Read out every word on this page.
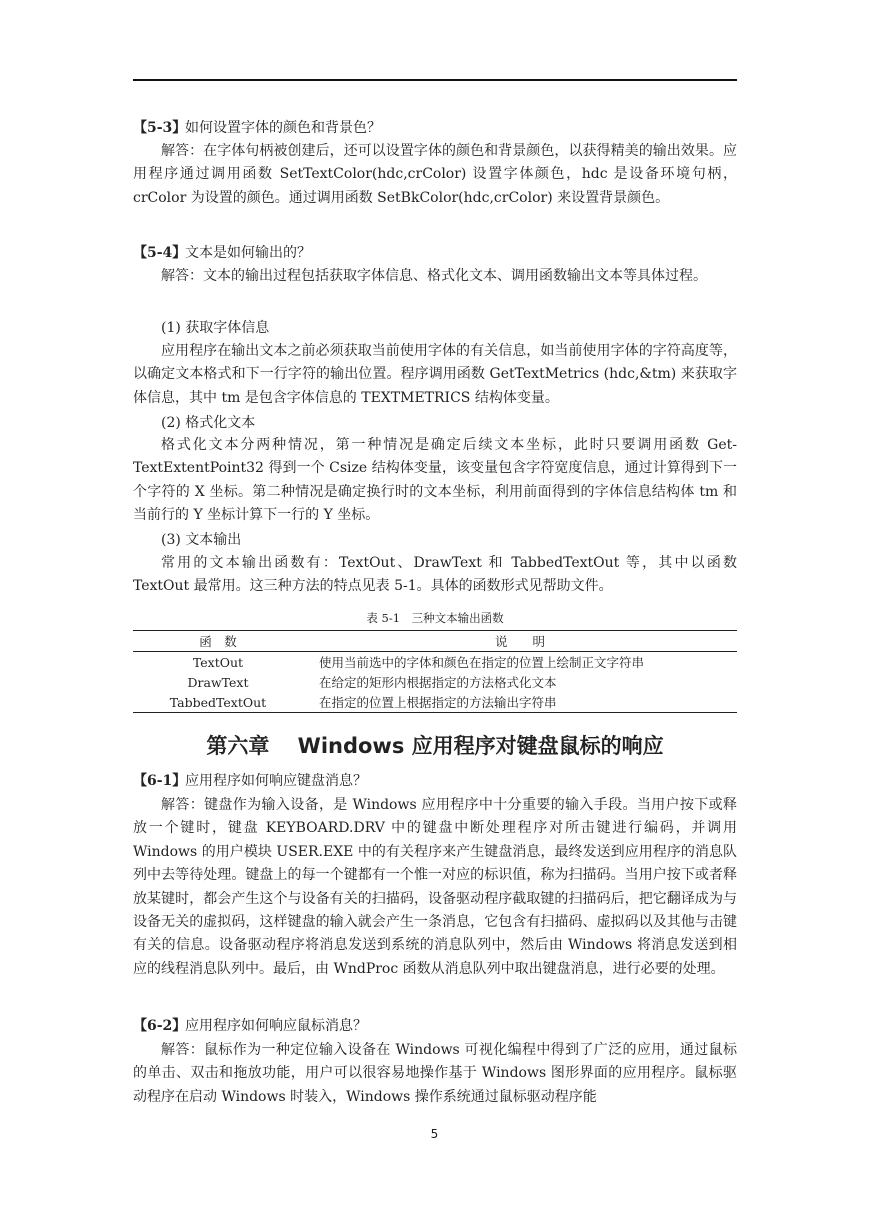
【5-3】如何设置字体的颜色和背景色？

解答：在字体句柄被创建后，还可以设置字体的颜色和背景颜色，以获得精美的输出效果。应用程序通过调用函数 SetTextColor(hdc,crColor) 设置字体颜色，hdc 是设备环境句柄，crColor 为设置的颜色。通过调用函数 SetBkColor(hdc,crColor) 来设置背景颜色。

【5-4】文本是如何输出的？

解答：文本的输出过程包括获取字体信息、格式化文本、调用函数输出文本等具体过程。

(1) 获取字体信息

应用程序在输出文本之前必须获取当前使用字体的有关信息，如当前使用字体的字符高度等，以确定文本格式和下一行字符的输出位置。程序调用函数 GetTextMetrics (hdc,&tm) 来获取字体信息，其中 tm 是包含字体信息的 TEXTMETRICS 结构体变量。

(2) 格式化文本

格式化文本分两种情况，第一种情况是确定后续文本坐标，此时只要调用函数 Get-TextExtentPoint32 得到一个 Csize 结构体变量，该变量包含字符宽度信息，通过计算得到下一个字符的 X 坐标。第二种情况是确定换行时的文本坐标，利用前面得到的字体信息结构体 tm 和当前行的 Y 坐标计算下一行的 Y 坐标。

(3) 文本输出

常用的文本输出函数有：TextOut、DrawText 和 TabbedTextOut 等，其中以函数 TextOut 最常用。这三种方法的特点见表 5-1。具体的函数形式见帮助文件。

表 5-1　三种文本输出函数
函　数	说　　明
TextOut	使用当前选中的字体和颜色在指定的位置上绘制正文字符串
DrawText	在给定的矩形内根据指定的方法格式化文本
TabbedTextOut	在指定的位置上根据指定的方法输出字符串
第六章　 Windows 应用程序对键盘鼠标的响应
【6-1】应用程序如何响应键盘消息？

解答：键盘作为输入设备，是 Windows 应用程序中十分重要的输入手段。当用户按下或释放一个键时，键盘 KEYBOARD.DRV 中的键盘中断处理程序对所击键进行编码，并调用 Windows 的用户模块 USER.EXE 中的有关程序来产生键盘消息，最终发送到应用程序的消息队列中去等待处理。键盘上的每一个键都有一个惟一对应的标识值，称为扫描码。当用户按下或者释放某键时，都会产生这个与设备有关的扫描码，设备驱动程序截取键的扫描码后，把它翻译成为与设备无关的虚拟码，这样键盘的输入就会产生一条消息，它包含有扫描码、虚拟码以及其他与击键有关的信息。设备驱动程序将消息发送到系统的消息队列中，然后由 Windows 将消息发送到相应的线程消息队列中。最后，由 WndProc 函数从消息队列中取出键盘消息，进行必要的处理。

【6-2】应用程序如何响应鼠标消息？

解答：鼠标作为一种定位输入设备在 Windows 可视化编程中得到了广泛的应用，通过鼠标的单击、双击和拖放功能，用户可以很容易地操作基于 Windows 图形界面的应用程序。鼠标驱动程序在启动 Windows 时装入，Windows 操作系统通过鼠标驱动程序能

5
